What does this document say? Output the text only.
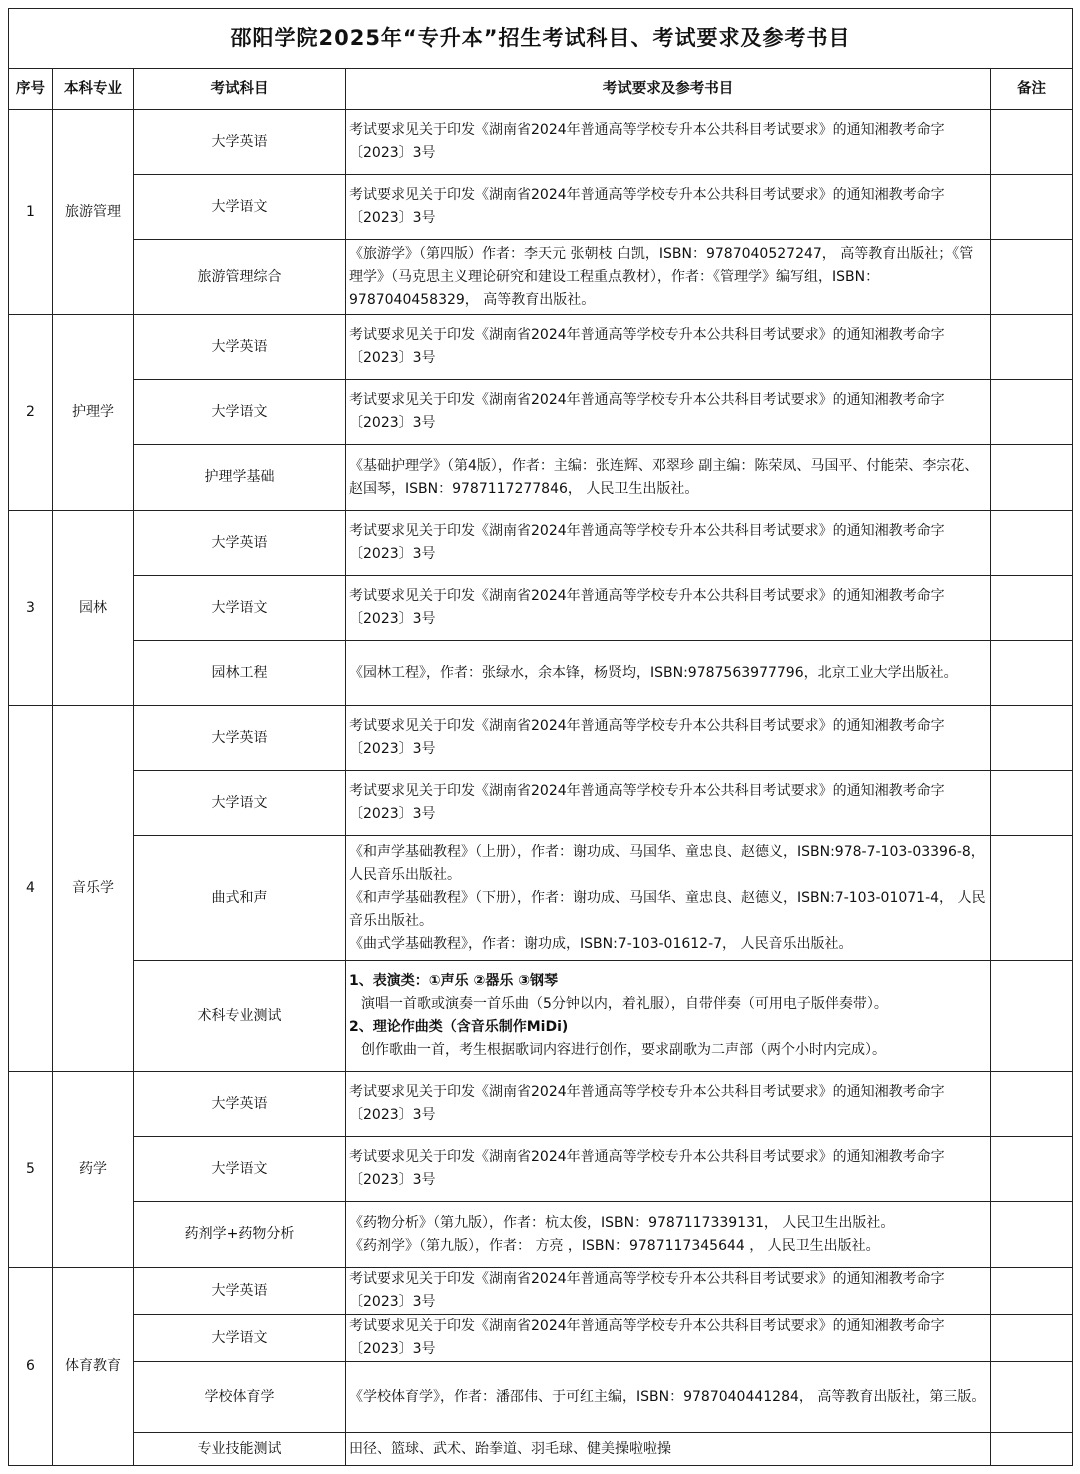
邵阳学院2025年“专升本”招生考试科目、考试要求及参考书目				
序号	本科专业	考试科目	考试要求及参考书目	备注
1	旅游管理	大学英语	考试要求见关于印发《湖南省2024年普通高等学校专升本公共科目考试要求》的通知湘教考命字〔2023〕3号	

		大学语文	考试要求见关于印发《湖南省2024年普通高等学校专升本公共科目考试要求》的通知湘教考命字〔2023〕3号	

		旅游管理综合	《旅游学》（第四版）作者：李天元 张朝枝 白凯，ISBN：9787040527247， 高等教育出版社；《管理学》（马克思主义理论研究和建设工程重点教材），作者：《管理学》编写组，ISBN：9787040458329， 高等教育出版社。	

2	护理学	大学英语	考试要求见关于印发《湖南省2024年普通高等学校专升本公共科目考试要求》的通知湘教考命字〔2023〕3号	

		大学语文	考试要求见关于印发《湖南省2024年普通高等学校专升本公共科目考试要求》的通知湘教考命字〔2023〕3号	

		护理学基础	《基础护理学》（第4版），作者：主编：张连辉、邓翠珍 副主编：陈荣凤、马国平、付能荣、李宗花、赵国琴，ISBN：9787117277846， 人民卫生出版社。	

3	园林	大学英语	考试要求见关于印发《湖南省2024年普通高等学校专升本公共科目考试要求》的通知湘教考命字〔2023〕3号	

		大学语文	考试要求见关于印发《湖南省2024年普通高等学校专升本公共科目考试要求》的通知湘教考命字〔2023〕3号	

		园林工程	《园林工程》，作者：张绿水，余本锋，杨贤均，ISBN:9787563977796，北京工业大学出版社。	

4	音乐学	大学英语	考试要求见关于印发《湖南省2024年普通高等学校专升本公共科目考试要求》的通知湘教考命字〔2023〕3号	

		大学语文	考试要求见关于印发《湖南省2024年普通高等学校专升本公共科目考试要求》的通知湘教考命字〔2023〕3号	

		曲式和声	《和声学基础教程》（上册），作者：谢功成、马国华、童忠良、赵德义，ISBN:978-7-103-03396-8， 人民音乐出版社。
《和声学基础教程》（下册），作者：谢功成、马国华、童忠良、赵德义，ISBN:7-103-01071-4， 人民音乐出版社。
《曲式学基础教程》，作者：谢功成，ISBN:7-103-01612-7， 人民音乐出版社。	

		术科专业测试	1、表演类：①声乐 ②器乐 ③钢琴
演唱一首歌或演奏一首乐曲（5分钟以内，着礼服），自带伴奏（可用电子版伴奏带）。
2、理论作曲类（含音乐制作MiDi)
创作歌曲一首，考生根据歌词内容进行创作，要求副歌为二声部（两个小时内完成）。	

5	药学	大学英语	考试要求见关于印发《湖南省2024年普通高等学校专升本公共科目考试要求》的通知湘教考命字〔2023〕3号	

		大学语文	考试要求见关于印发《湖南省2024年普通高等学校专升本公共科目考试要求》的通知湘教考命字〔2023〕3号	

		药剂学+药物分析	《药物分析》（第九版），作者：杭太俊，ISBN：9787117339131， 人民卫生出版社。
《药剂学》（第九版），作者： 方亮 ，ISBN：9787117345644 ， 人民卫生出版社。	

6	体育教育	大学英语	考试要求见关于印发《湖南省2024年普通高等学校专升本公共科目考试要求》的通知湘教考命字〔2023〕3号	

		大学语文	考试要求见关于印发《湖南省2024年普通高等学校专升本公共科目考试要求》的通知湘教考命字〔2023〕3号	

		学校体育学	《学校体育学》，作者：潘邵伟、于可红主编，ISBN：9787040441284， 高等教育出版社，第三版。	

		专业技能测试	田径、篮球、武术、跆拳道、羽毛球、健美操啦啦操	
